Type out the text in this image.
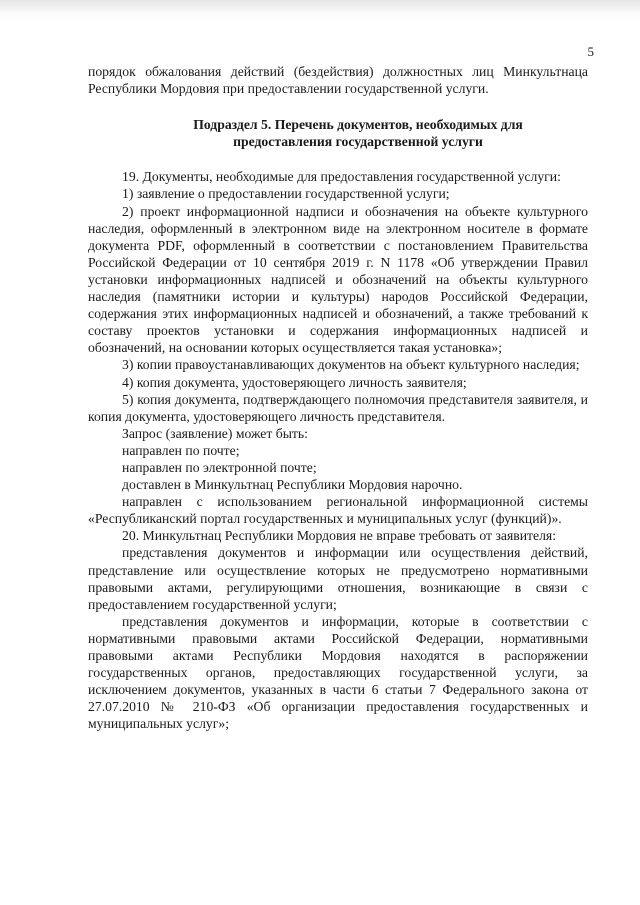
5

порядок обжалования действий (бездействия) должностных лиц Минкультнаца Республики Мордовия при предоставлении государственной услуги.

Подраздел 5. Перечень документов, необходимых для
предоставления государственной услуги

19. Документы, необходимые для предоставления государственной услуги:

1) заявление о предоставлении государственной услуги;

2) проект информационной надписи и обозначения на объекте культурного наследия, оформленный в электронном виде на электронном носителе в формате документа PDF, оформленный в соответствии с постановлением Правительства Российской Федерации от 10 сентября 2019 г. N 1178 «Об утверждении Правил установки информационных надписей и обозначений на объекты культурного наследия (памятники истории и культуры) народов Российской Федерации, содержания этих информационных надписей и обозначений, а также требований к составу проектов установки и содержания информационных надписей и обозначений, на основании которых осуществляется такая установка»;

3) копии правоустанавливающих документов на объект культурного наследия;

4) копия документа, удостоверяющего личность заявителя;

5) копия документа, подтверждающего полномочия представителя заявителя, и копия документа, удостоверяющего личность представителя.

Запрос (заявление) может быть:

направлен по почте;

направлен по электронной почте;

доставлен в Минкультнац Республики Мордовия нарочно.

направлен с использованием региональной информационной системы «Республиканский портал государственных и муниципальных услуг (функций)».

20. Минкультнац Республики Мордовия не вправе требовать от заявителя:

представления документов и информации или осуществления действий, представление или осуществление которых не предусмотрено нормативными правовыми актами, регулирующими отношения, возникающие в связи с предоставлением государственной услуги;

представления документов и информации, которые в соответствии с нормативными правовыми актами Российской Федерации, нормативными правовыми актами Республики Мордовия находятся в распоряжении государственных органов, предоставляющих государственной услуги, за исключением документов, указанных в части 6 статьи 7 Федерального закона от 27.07.2010 № 210-ФЗ «Об организации предоставления государственных и муниципальных услуг»;
